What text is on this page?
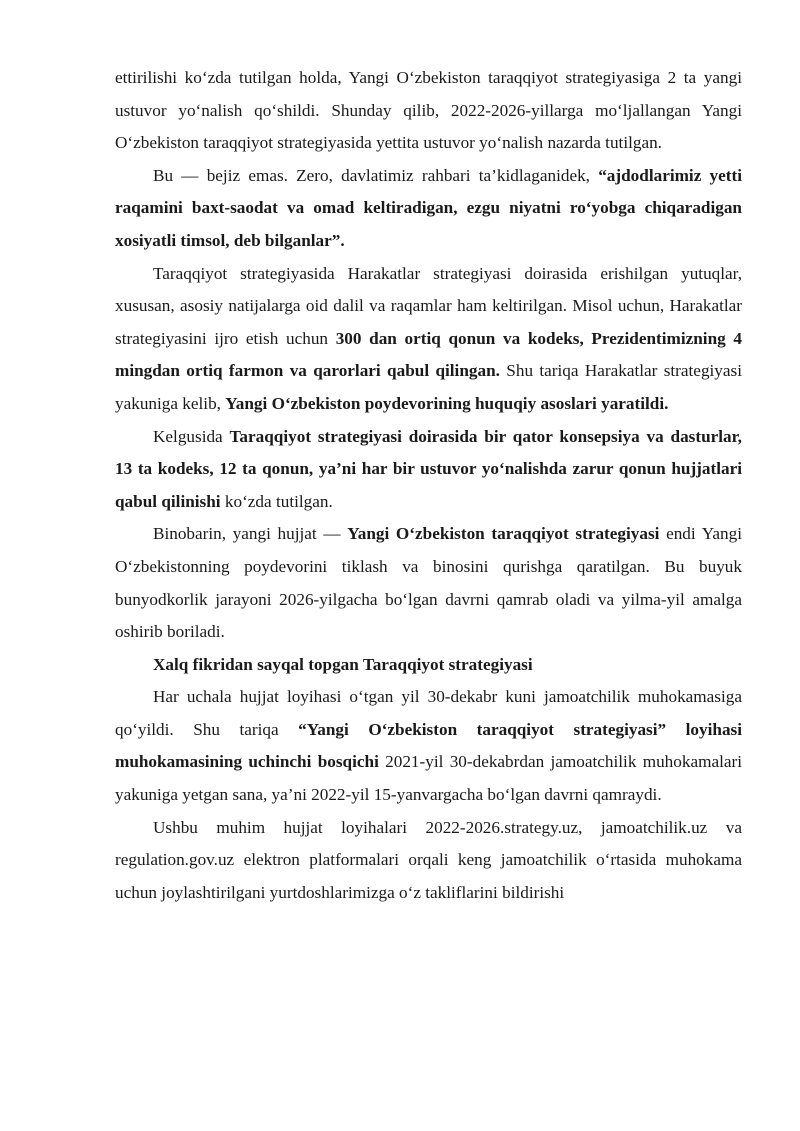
ettirilishi ko‘zda tutilgan holda, Yangi O‘zbekiston taraqqiyot strategiyasiga 2 ta yangi ustuvor yo‘nalish qo‘shildi. Shunday qilib, 2022-2026-yillarga mo‘ljallangan Yangi O‘zbekiston taraqqiyot strategiyasida yettita ustuvor yo‘nalish nazarda tutilgan.

Bu — bejiz emas. Zero, davlatimiz rahbari ta’kidlaganidek, “ajdodlarimiz yetti raqamini baxt-saodat va omad keltiradigan, ezgu niyatni ro‘yobga chiqaradigan xosiyatli timsol, deb bilganlar”.

Taraqqiyot strategiyasida Harakatlar strategiyasi doirasida erishilgan yutuqlar, xususan, asosiy natijalarga oid dalil va raqamlar ham keltirilgan. Misol uchun, Harakatlar strategiyasini ijro etish uchun 300 dan ortiq qonun va kodeks, Prezidentimizning 4 mingdan ortiq farmon va qarorlari qabul qilingan. Shu tariqa Harakatlar strategiyasi yakuniga kelib, Yangi O‘zbekiston poydevorining huquqiy asoslari yaratildi.

Kelgusida Taraqqiyot strategiyasi doirasida bir qator konsepsiya va dasturlar, 13 ta kodeks, 12 ta qonun, ya’ni har bir ustuvor yo‘nalishda zarur qonun hujjatlari qabul qilinishi ko‘zda tutilgan.

Binobarin, yangi hujjat — Yangi O‘zbekiston taraqqiyot strategiyasi endi Yangi O‘zbekistonning poydevorini tiklash va binosini qurishga qaratilgan. Bu buyuk bunyodkorlik jarayoni 2026-yilgacha bo‘lgan davrni qamrab oladi va yilma-yil amalga oshirib boriladi.

Xalq fikridan sayqal topgan Taraqqiyot strategiyasi

Har uchala hujjat loyihasi o‘tgan yil 30-dekabr kuni jamoatchilik muhokamasiga qo‘yildi. Shu tariqa “Yangi O‘zbekiston taraqqiyot strategiyasi” loyihasi muhokamasining uchinchi bosqichi 2021-yil 30-dekabrdan jamoatchilik muhokamalari yakuniga yetgan sana, ya’ni 2022-yil 15-yanvargacha bo‘lgan davrni qamraydi.

Ushbu muhim hujjat loyihalari 2022-2026.strategy.uz, jamoatchilik.uz va regulation.gov.uz elektron platformalari orqali keng jamoatchilik o‘rtasida muhokama uchun joylashtirilgani yurtdoshlarimizga o‘z takliflarini bildirishi
